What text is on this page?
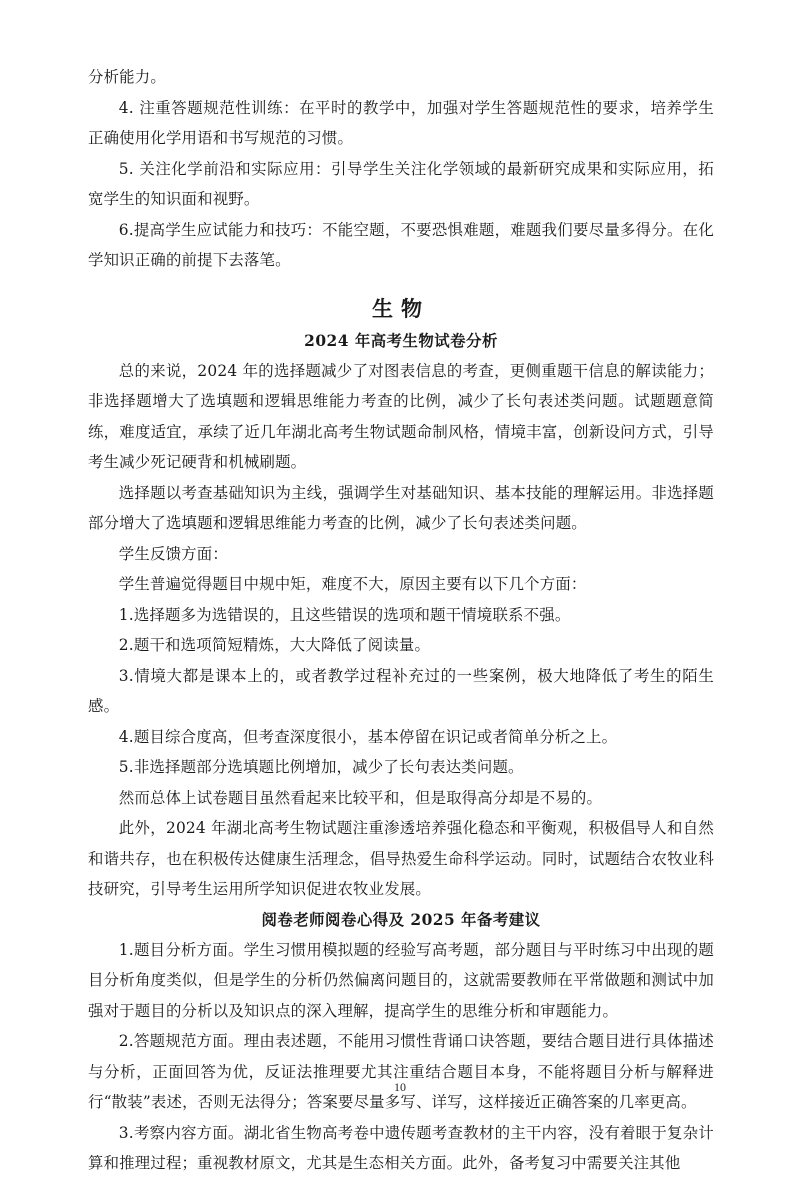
分析能力。

4. 注重答题规范性训练：在平时的教学中，加强对学生答题规范性的要求，培养学生正确使用化学用语和书写规范的习惯。

5. 关注化学前沿和实际应用：引导学生关注化学领域的最新研究成果和实际应用，拓宽学生的知识面和视野。

6.提高学生应试能力和技巧：不能空题，不要恐惧难题，难题我们要尽量多得分。在化学知识正确的前提下去落笔。

生物
2024 年高考生物试卷分析

总的来说，2024 年的选择题减少了对图表信息的考查，更侧重题干信息的解读能力；非选择题增大了选填题和逻辑思维能力考查的比例，减少了长句表述类问题。试题题意简练，难度适宜，承续了近几年湖北高考生物试题命制风格，情境丰富，创新设问方式，引导考生减少死记硬背和机械刷题。

选择题以考查基础知识为主线，强调学生对基础知识、基本技能的理解运用。非选择题部分增大了选填题和逻辑思维能力考查的比例，减少了长句表述类问题。

学生反馈方面：

学生普遍觉得题目中规中矩，难度不大，原因主要有以下几个方面：

1.选择题多为选错误的，且这些错误的选项和题干情境联系不强。

2.题干和选项简短精炼，大大降低了阅读量。

3.情境大都是课本上的，或者教学过程补充过的一些案例，极大地降低了考生的陌生感。

4.题目综合度高，但考查深度很小，基本停留在识记或者简单分析之上。

5.非选择题部分选填题比例增加，减少了长句表达类问题。

然而总体上试卷题目虽然看起来比较平和，但是取得高分却是不易的。

此外，2024 年湖北高考生物试题注重渗透培养强化稳态和平衡观，积极倡导人和自然和谐共存，也在积极传达健康生活理念，倡导热爱生命科学运动。同时，试题结合农牧业科技研究，引导考生运用所学知识促进农牧业发展。

阅卷老师阅卷心得及 2025 年备考建议

1.题目分析方面。学生习惯用模拟题的经验写高考题，部分题目与平时练习中出现的题目分析角度类似，但是学生的分析仍然偏离问题目的，这就需要教师在平常做题和测试中加强对于题目的分析以及知识点的深入理解，提高学生的思维分析和审题能力。

2.答题规范方面。理由表述题，不能用习惯性背诵口诀答题，要结合题目进行具体描述与分析，正面回答为优，反证法推理要尤其注重结合题目本身，不能将题目分析与解释进行“散装”表述，否则无法得分；答案要尽量多写、详写，这样接近正确答案的几率更高。

3.考察内容方面。湖北省生物高考卷中遗传题考查教材的主干内容，没有着眼于复杂计算和推理过程；重视教材原文，尤其是生态相关方面。此外，备考复习中需要关注其他

10
